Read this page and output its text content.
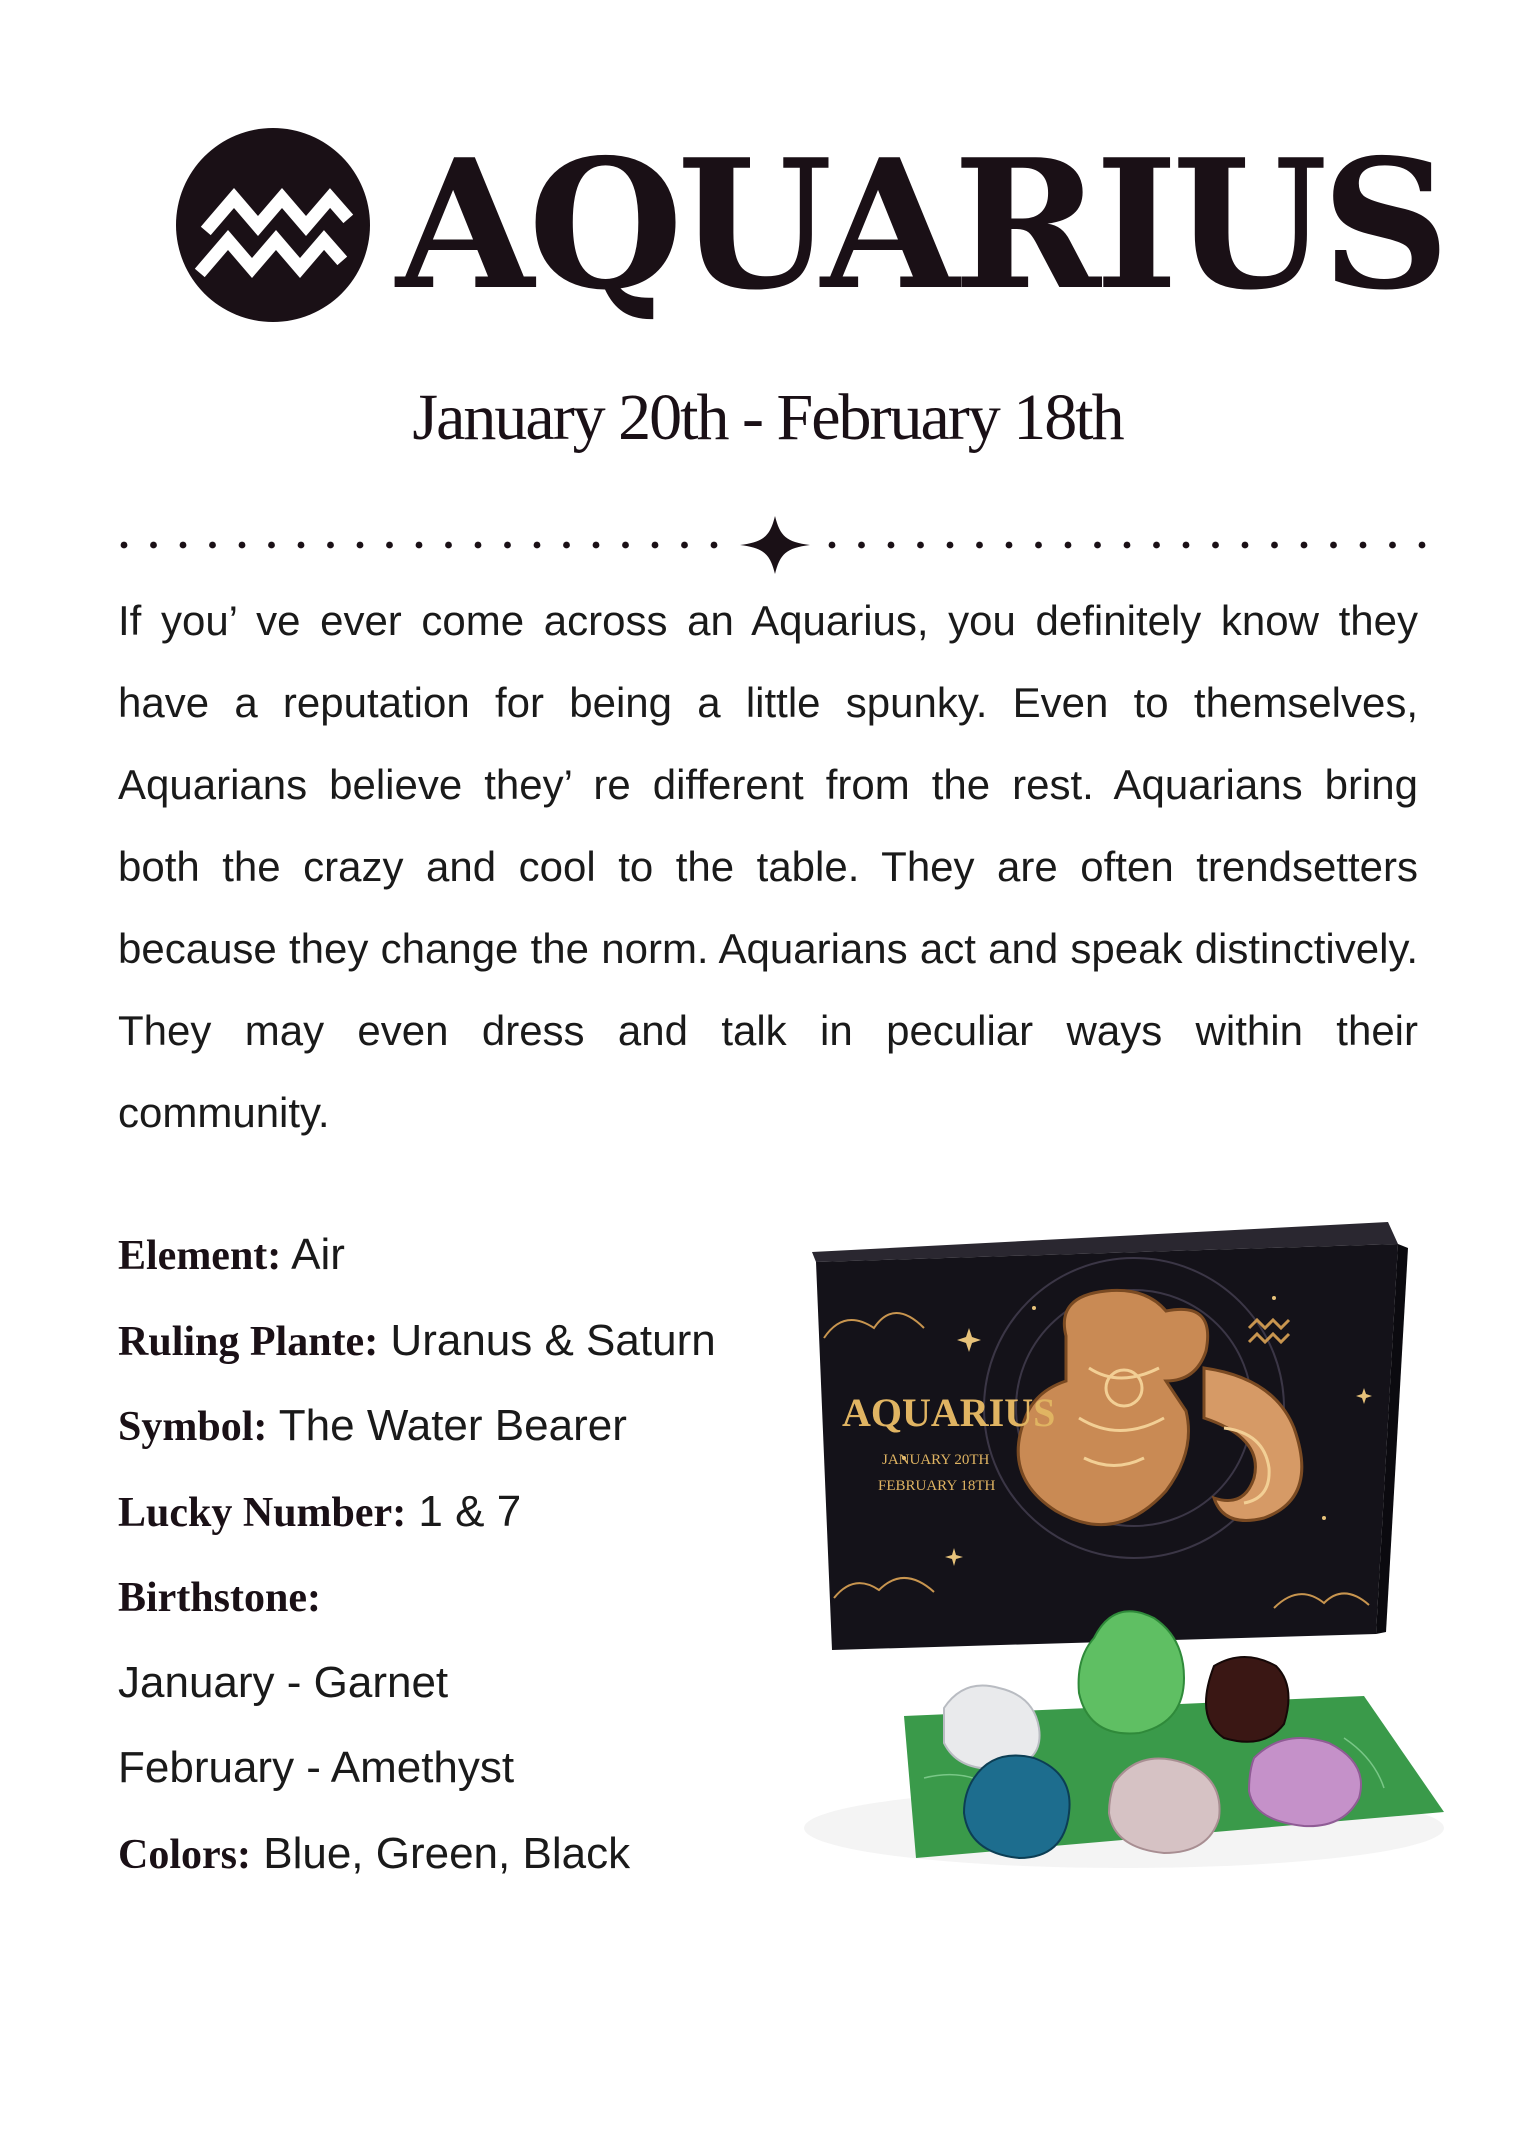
AQUARIUS
January 20th - February 18th

If you’ ve ever come across an Aquarius, you definitely know they have a reputation for being a little spunky. Even to themselves, Aquarians believe they’ re different from the rest. Aquarians bring both the crazy and cool to the table. They are often trendsetters because they change the norm. Aquarians act and speak distinctively. They may even dress and talk in peculiar ways within their community.

Element: Air
Ruling Plante: Uranus & Saturn
Symbol: The Water Bearer
Lucky Number: 1 & 7
Birthstone:
January - Garnet
February - Amethyst
Colors: Blue, Green, Black
AQUARIUS
JANUARY 20TH
FEBRUARY 18TH
